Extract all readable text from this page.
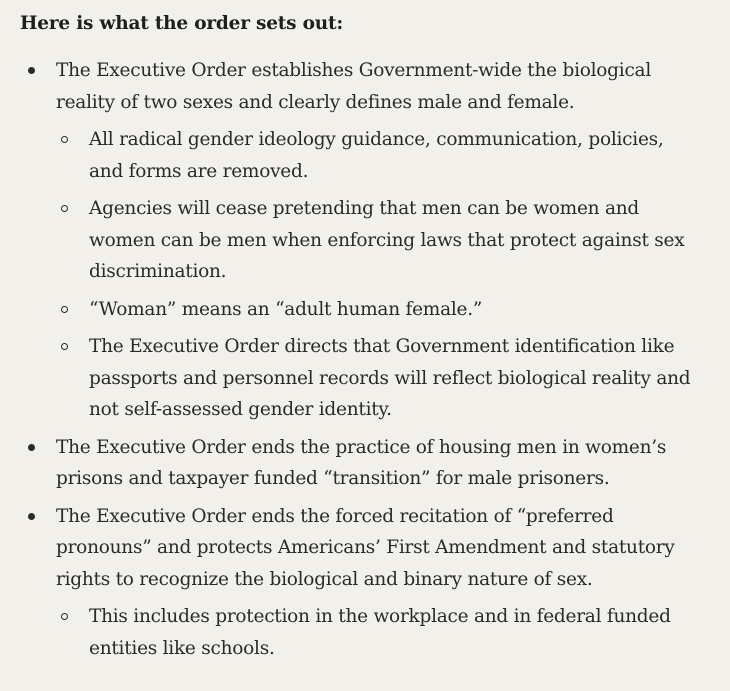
Here is what the order sets out:
The Executive Order establishes Government-wide the biological reality of two sexes and clearly defines male and female.
All radical gender ideology guidance, communication, policies, and forms are removed.
Agencies will cease pretending that men can be women and women can be men when enforcing laws that protect against sex discrimination.
“Woman” means an “adult human female.”
The Executive Order directs that Government identification like passports and personnel records will reflect biological reality and not self-assessed gender identity.
The Executive Order ends the practice of housing men in women’s prisons and taxpayer funded “transition” for male prisoners.
The Executive Order ends the forced recitation of “preferred pronouns” and protects Americans’ First Amendment and statutory rights to recognize the biological and binary nature of sex.
This includes protection in the workplace and in federal funded entities like schools.
